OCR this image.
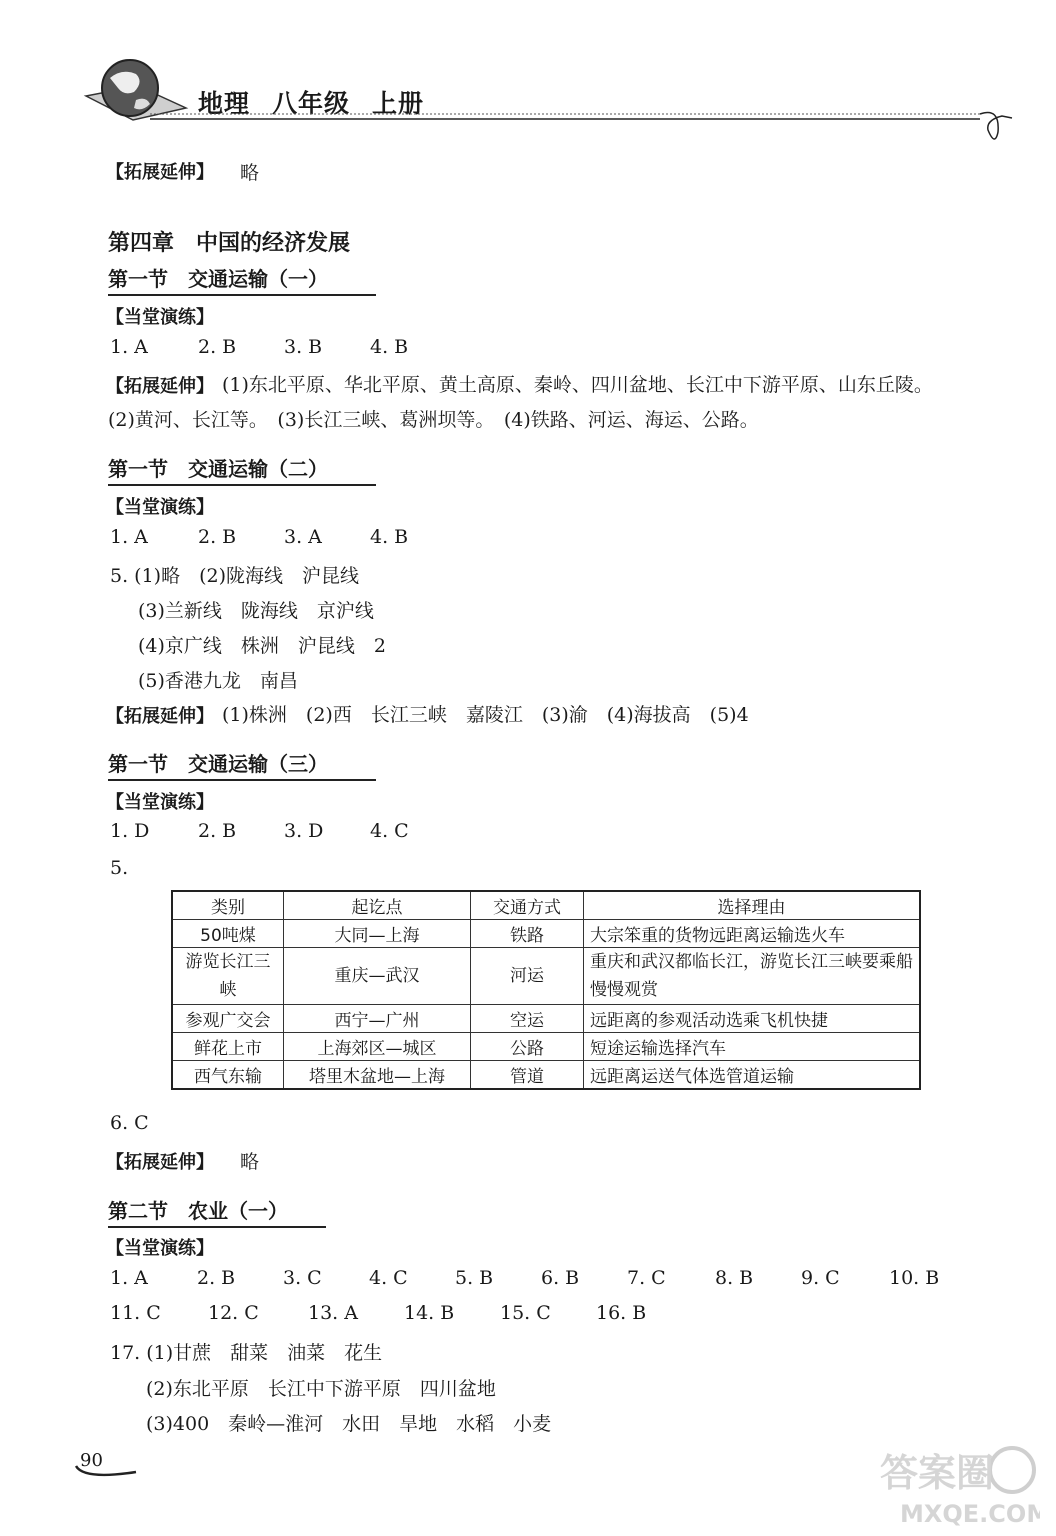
地理 八年级 上册
【拓展延伸】 略
第四章　中国的经济发展
第一节　交通运输（一）
【当堂演练】
1. A	2. B	3. B	4. B
【拓展延伸】 (1)东北平原、华北平原、黄土高原、秦岭、四川盆地、长江中下游平原、山东丘陵。
(2)黄河、长江等。　(3)长江三峡、葛洲坝等。　(4)铁路、河运、海运、公路。
第一节　交通运输（二）
【当堂演练】
1. A	2. B	3. A	4. B
5. (1)略　(2)陇海线　沪昆线
(3)兰新线　陇海线　京沪线
(4)京广线　株洲　沪昆线　2
(5)香港九龙　南昌
【拓展延伸】 (1)株洲　(2)西　长江三峡　嘉陵江　(3)渝　(4)海拔高　(5)4
第一节　交通运输（三）
【当堂演练】
1. D	2. B	3. D 4. C
5.
类别	起讫点	交通方式	选择理由
50吨煤	大同—上海	铁路	大宗笨重的货物远距离运输选火车
游览长江三峡	重庆—武汉	河运	重庆和武汉都临长江，游览长江三峡要乘船慢慢观赏
参观广交会	西宁—广州	空运	远距离的参观活动选乘飞机快捷
鲜花上市	上海郊区—城区	公路	短途运输选择汽车
西气东输	塔里木盆地—上海	管道	远距离运送气体选管道运输
6. C
【拓展延伸】 略
第二节　农业（一）
【当堂演练】
1. A	2. B	3. C 4. C 5. B	6. B	7. C	8. B	9. C	10. B
11. C 12. C	13. A 14. B 15. C 16. B
17. (1)甘蔗　甜菜　油菜　花生
(2)东北平原　长江中下游平原　四川盆地
(3)400　秦岭—淮河　水田　旱地　水稻　小麦
90	答案圈
MXQE.COM
